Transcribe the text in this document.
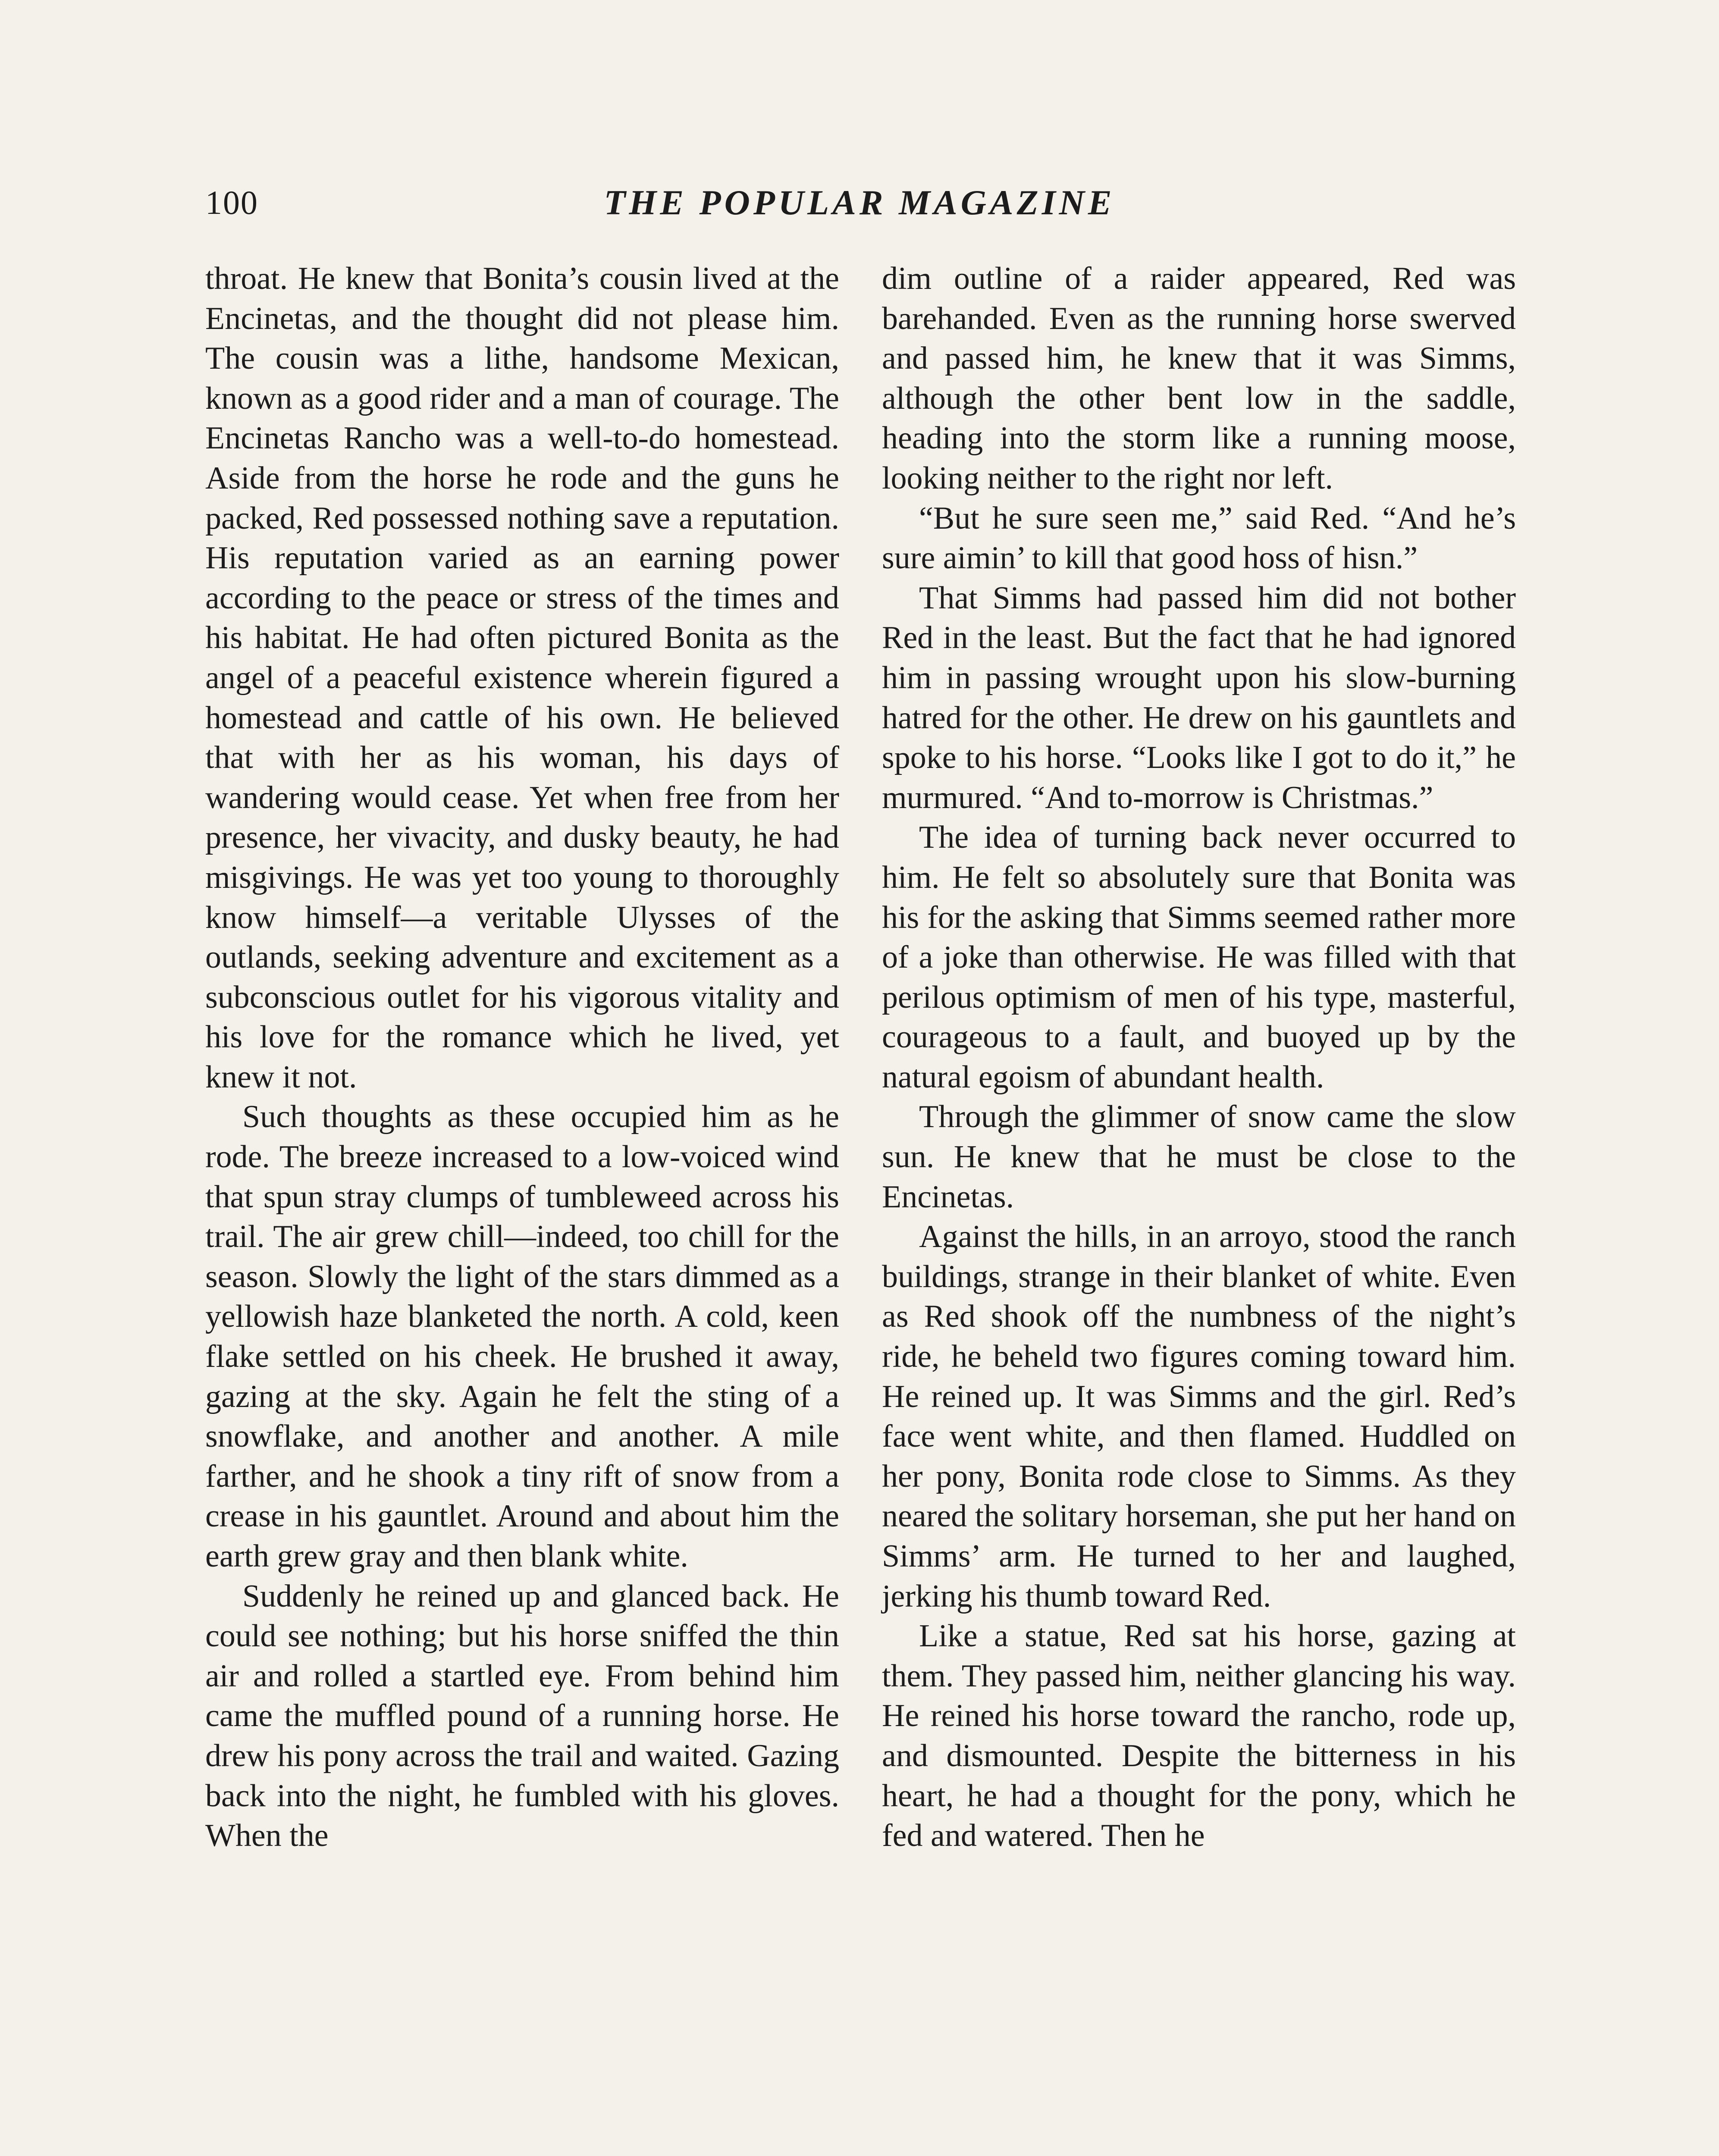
100	THE POPULAR MAGAZINE

throat. He knew that Bonita’s cousin lived at the Encinetas, and the thought did not please him. The cousin was a lithe, handsome Mexican, known as a good rider and a man of courage. The Encinetas Rancho was a well-to-do homestead. Aside from the horse he rode and the guns he packed, Red possessed nothing save a reputation. His reputation varied as an earning power according to the peace or stress of the times and his habitat. He had often pictured Bonita as the angel of a peaceful existence wherein figured a homestead and cattle of his own. He believed that with her as his woman, his days of wandering would cease. Yet when free from her presence, her vivacity, and dusky beauty, he had misgivings. He was yet too young to thoroughly know himself—a veritable Ulysses of the outlands, seeking adventure and excitement as a subconscious outlet for his vigorous vitality and his love for the romance which he lived, yet knew it not.

Such thoughts as these occupied him as he rode. The breeze increased to a low-voiced wind that spun stray clumps of tumbleweed across his trail. The air grew chill—indeed, too chill for the season. Slowly the light of the stars dimmed as a yellowish haze blanketed the north. A cold, keen flake settled on his cheek. He brushed it away, gazing at the sky. Again he felt the sting of a snowflake, and another and another. A mile farther, and he shook a tiny rift of snow from a crease in his gauntlet. Around and about him the earth grew gray and then blank white.

Suddenly he reined up and glanced back. He could see nothing; but his horse sniffed the thin air and rolled a startled eye. From behind him came the muffled pound of a running horse. He drew his pony across the trail and waited. Gazing back into the night, he fumbled with his gloves. When the

dim outline of a raider appeared, Red was barehanded. Even as the running horse swerved and passed him, he knew that it was Simms, although the other bent low in the saddle, heading into the storm like a running moose, looking neither to the right nor left.

“But he sure seen me,” said Red. “And he’s sure aimin’ to kill that good hoss of hisn.”

That Simms had passed him did not bother Red in the least. But the fact that he had ignored him in passing wrought upon his slow-burning hatred for the other. He drew on his gauntlets and spoke to his horse. “Looks like I got to do it,” he murmured. “And to-morrow is Christmas.”

The idea of turning back never occurred to him. He felt so absolutely sure that Bonita was his for the asking that Simms seemed rather more of a joke than otherwise. He was filled with that perilous optimism of men of his type, masterful, courageous to a fault, and buoyed up by the natural egoism of abundant health.

Through the glimmer of snow came the slow sun. He knew that he must be close to the Encinetas.

Against the hills, in an arroyo, stood the ranch buildings, strange in their blanket of white. Even as Red shook off the numbness of the night’s ride, he beheld two figures coming toward him. He reined up. It was Simms and the girl. Red’s face went white, and then flamed. Huddled on her pony, Bonita rode close to Simms. As they neared the solitary horseman, she put her hand on Simms’ arm. He turned to her and laughed, jerking his thumb toward Red.

Like a statue, Red sat his horse, gazing at them. They passed him, neither glancing his way. He reined his horse toward the rancho, rode up, and dismounted. Despite the bitterness in his heart, he had a thought for the pony, which he fed and watered. Then he
